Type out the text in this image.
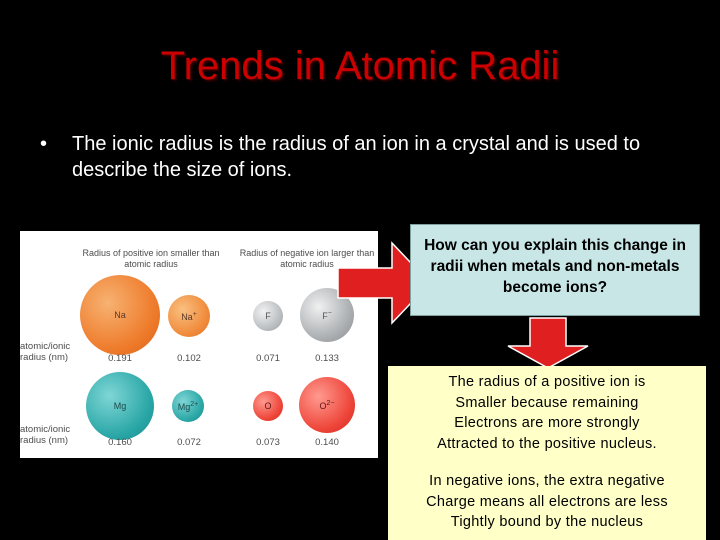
Trends in Atomic Radii
•	The ionic radius is the radius of an ion in a crystal and is used to describe the size of ions.
Radius of positive ion smaller than atomic radius
Radius of negative ion larger than atomic radius
atomic/ionic radius (nm)
atomic/ionic radius (nm)
Na	Na+	F	F−
0.191	0.102	0.071	0.133
Mg	$Mg^{2+}$	O	$O^{2-}$
0.160	0.072	0.073	0.140
How can you explain this change in radii when metals and non-metals become ions?
The radius of a positive ion is
Smaller because remaining
Electrons are more strongly
Attracted to the positive nucleus.
In negative ions, the extra negative
Charge means all electrons are less
Tightly bound by the nucleus
